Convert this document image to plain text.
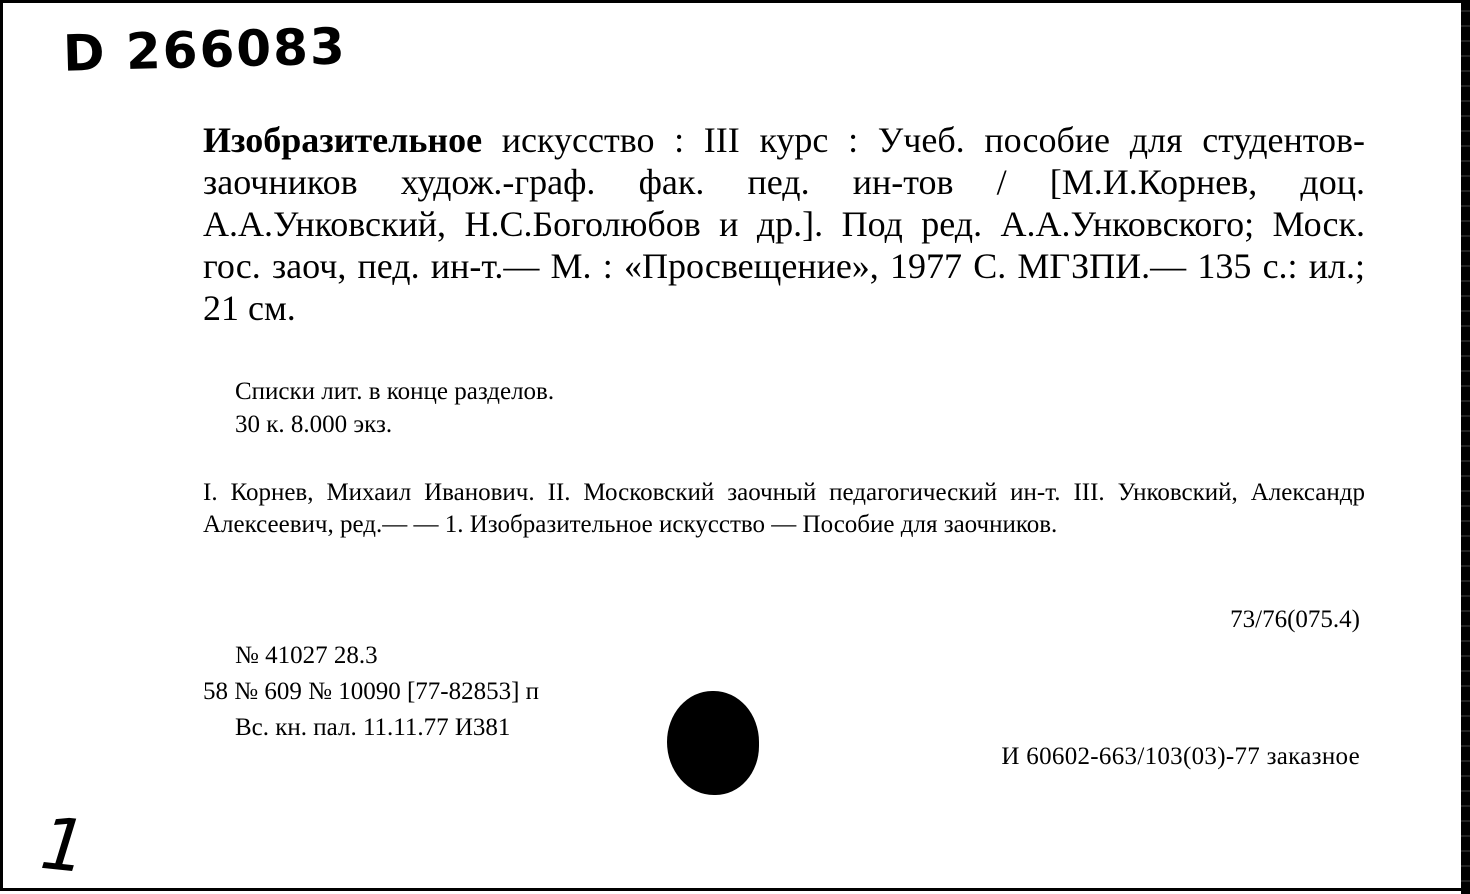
D 266083
Изобразительное искусство : III курс : Учеб. пособие для студентов-заочников худож.-граф. фак. пед. ин-тов / [М.И.Корнев, доц. А.А.Унковский, Н.С.Боголюбов и др.]. Под ред. А.А.Унковского; Моск. гос. заоч, пед. ин-т.— М. : «Просвещение», 1977 С. МГЗПИ.— 135 с.: ил.; 21 см.
Списки лит. в конце разделов.
30 к. 8.000 экз.
I. Корнев, Михаил Иванович. II. Московский заочный педагогический ин-т. III. Унковский, Александр Алексеевич, ред.— — 1. Изобразительное искусство — Пособие для заочников.
73/76(075.4)
№ 41027 28.3
58 № 609 № 10090 [77-82853] п
Вс. кн. пал. 11.11.77 И381
И 60602-663/103(03)-77 заказное
1
